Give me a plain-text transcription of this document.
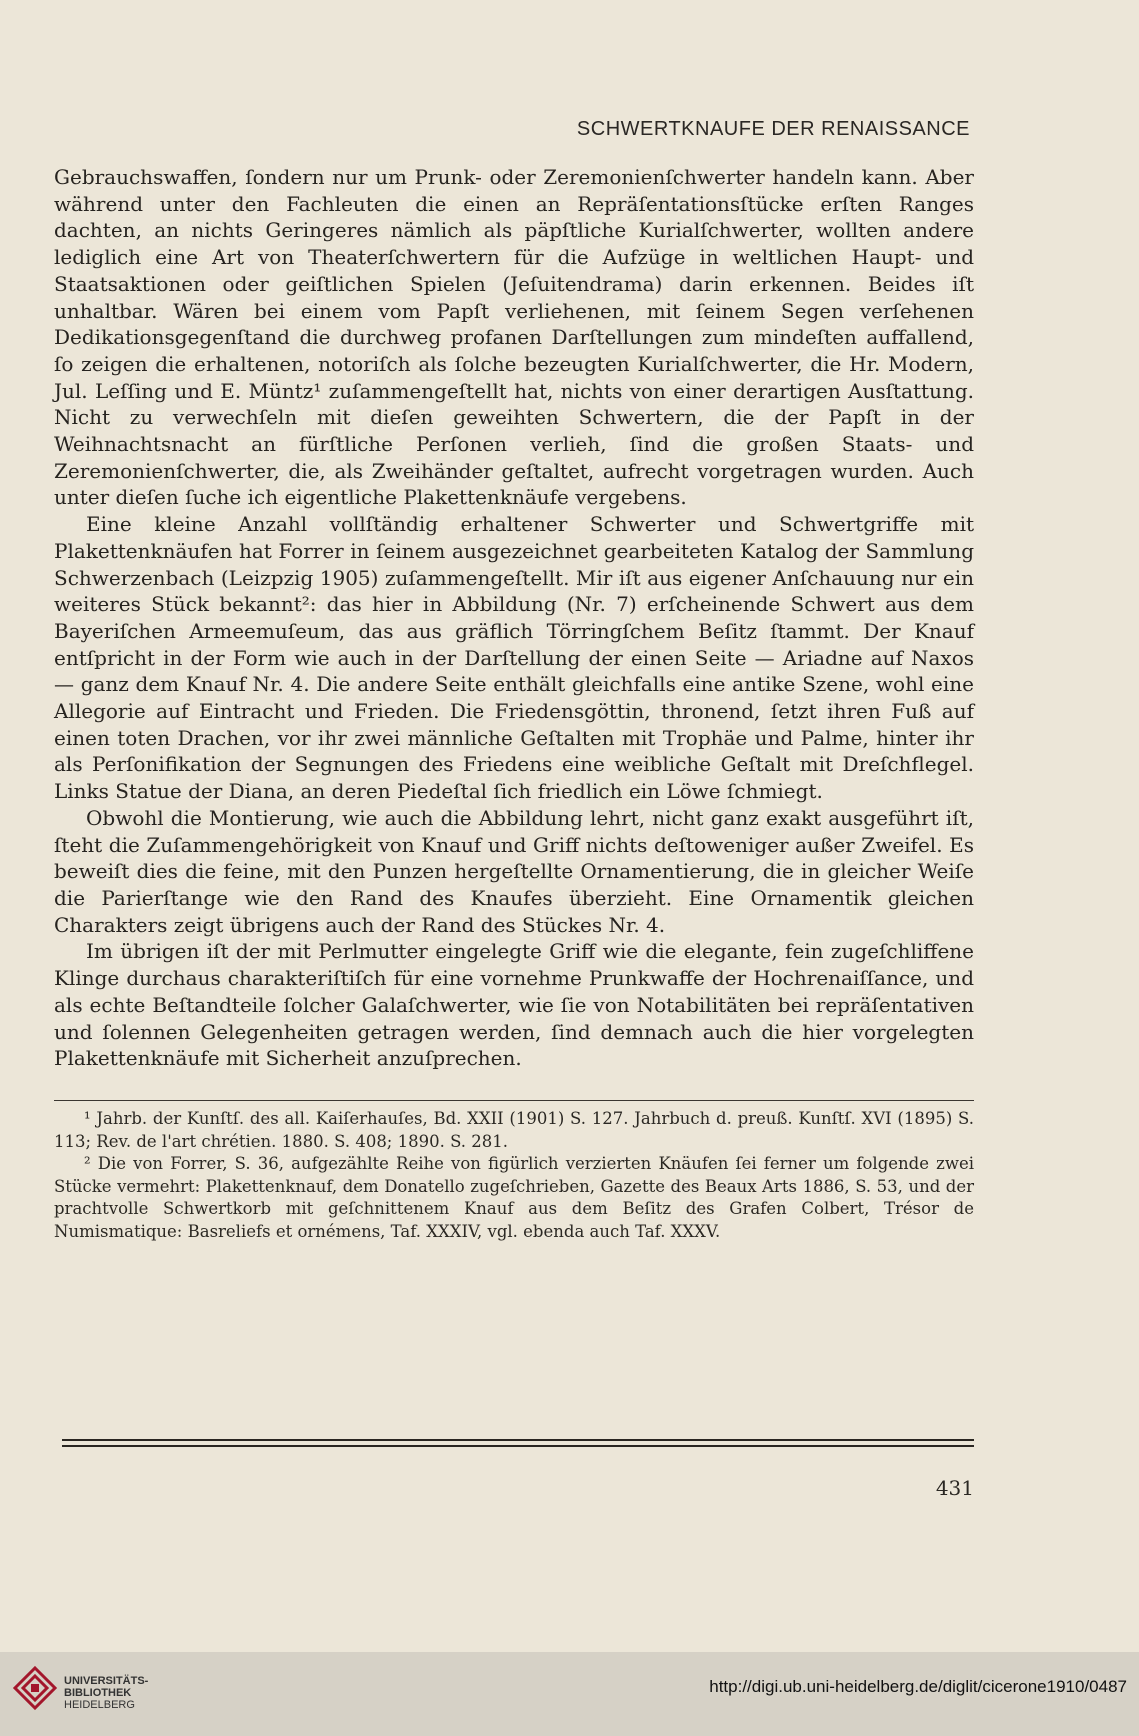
SCHWERTKNAUFE DER RENAISSANCE

Gebrauchswaffen, ſondern nur um Prunk- oder Zeremonienſchwerter handeln kann. Aber während unter den Fachleuten die einen an Repräſentationsſtücke erſten Ranges dachten, an nichts Geringeres nämlich als päpſtliche Kurialſchwerter, wollten andere lediglich eine Art von Theaterſchwertern für die Aufzüge in weltlichen Haupt- und Staatsaktionen oder geiſtlichen Spielen (Jeſuitendrama) darin erkennen. Beides iſt unhaltbar. Wären bei einem vom Papſt verliehenen, mit ſeinem Segen verſehenen Dedikationsgegenſtand die durchweg profanen Darſtellungen zum mindeſten auffallend, ſo zeigen die erhaltenen, notoriſch als ſolche bezeugten Kurialſchwerter, die Hr. Modern, Jul. Leſſing und E. Müntz¹ zuſammengeſtellt hat, nichts von einer derartigen Ausſtattung. Nicht zu verwechſeln mit dieſen geweihten Schwertern, die der Papſt in der Weihnachtsnacht an fürſtliche Perſonen verlieh, ſind die großen Staats- und Zeremonienſchwerter, die, als Zweihänder geſtaltet, aufrecht vorgetragen wurden. Auch unter dieſen ſuche ich eigentliche Plakettenknäufe vergebens.

Eine kleine Anzahl vollſtändig erhaltener Schwerter und Schwertgriffe mit Plakettenknäufen hat Forrer in ſeinem ausgezeichnet gearbeiteten Katalog der Sammlung Schwerzenbach (Leizpzig 1905) zuſammengeſtellt. Mir iſt aus eigener Anſchauung nur ein weiteres Stück bekannt²: das hier in Abbildung (Nr. 7) erſcheinende Schwert aus dem Bayeriſchen Armeemuſeum, das aus gräflich Törringſchem Beſitz ſtammt. Der Knauf entſpricht in der Form wie auch in der Darſtellung der einen Seite — Ariadne auf Naxos — ganz dem Knauf Nr. 4. Die andere Seite enthält gleichfalls eine antike Szene, wohl eine Allegorie auf Eintracht und Frieden. Die Friedensgöttin, thronend, ſetzt ihren Fuß auf einen toten Drachen, vor ihr zwei männliche Geſtalten mit Trophäe und Palme, hinter ihr als Perſonifikation der Segnungen des Friedens eine weibliche Geſtalt mit Dreſchflegel. Links Statue der Diana, an deren Piedeſtal ſich friedlich ein Löwe ſchmiegt.

Obwohl die Montierung, wie auch die Abbildung lehrt, nicht ganz exakt ausgeführt iſt, ſteht die Zuſammengehörigkeit von Knauf und Griff nichts deſtoweniger außer Zweifel. Es beweiſt dies die feine, mit den Punzen hergeſtellte Ornamentierung, die in gleicher Weiſe die Parierſtange wie den Rand des Knaufes überzieht. Eine Ornamentik gleichen Charakters zeigt übrigens auch der Rand des Stückes Nr. 4.

Im übrigen iſt der mit Perlmutter eingelegte Griff wie die elegante, fein zugeſchliffene Klinge durchaus charakteriſtiſch für eine vornehme Prunkwaffe der Hochrenaiſſance, und als echte Beſtandteile ſolcher Galaſchwerter, wie ſie von Notabilitäten bei repräſentativen und ſolennen Gelegenheiten getragen werden, ſind demnach auch die hier vorgelegten Plakettenknäufe mit Sicherheit anzuſprechen.

¹ Jahrb. der Kunſtſ. des all. Kaiſerhauſes, Bd. XXII (1901) S. 127. Jahrbuch d. preuß. Kunſtſ. XVI (1895) S. 113; Rev. de l'art chrétien. 1880. S. 408; 1890. S. 281.

² Die von Forrer, S. 36, aufgezählte Reihe von figürlich verzierten Knäufen ſei ferner um folgende zwei Stücke vermehrt: Plakettenknauf, dem Donatello zugeſchrieben, Gazette des Beaux Arts 1886, S. 53, und der prachtvolle Schwertkorb mit geſchnittenem Knauf aus dem Beſitz des Grafen Colbert, Trésor de Numismatique: Basreliefs et ornémens, Taf. XXXIV, vgl. ebenda auch Taf. XXXV.

431
UNIVERSITÄTS-
BIBLIOTHEK
HEIDELBERG
http://digi.ub.uni-heidelberg.de/diglit/cicerone1910/0487
